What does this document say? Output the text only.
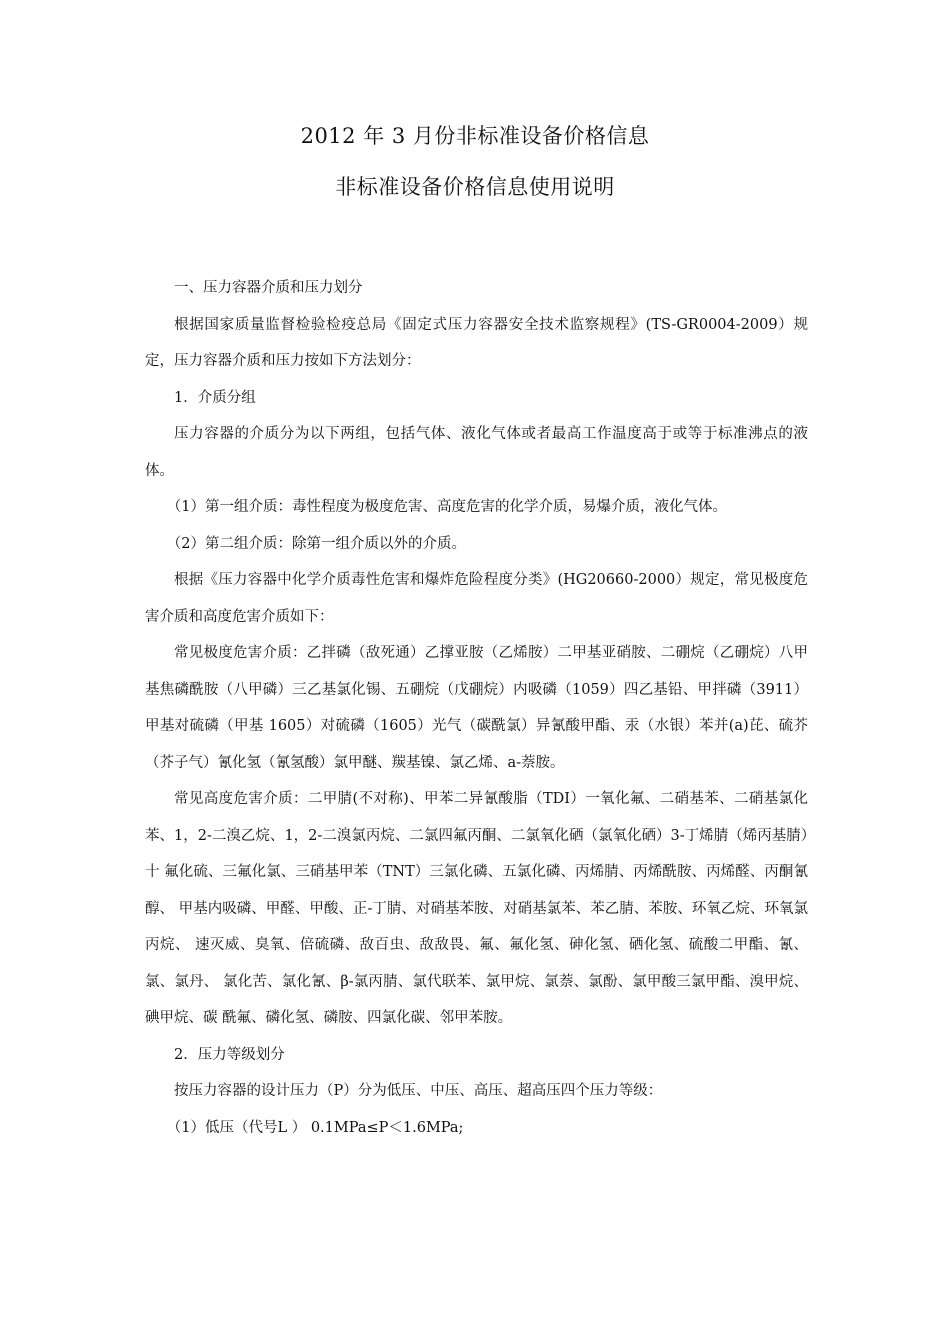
2012 年 3 月份非标准设备价格信息
非标准设备价格信息使用说明

一、压力容器介质和压力划分

根据国家质量监督检验检疫总局《固定式压力容器安全技术监察规程》(TS-GR0004-2009）规定，压力容器介质和压力按如下方法划分：

1．介质分组

压力容器的介质分为以下两组，包括气体、液化气体或者最高工作温度高于或等于标准沸点的液体。

（1）第一组介质：毒性程度为极度危害、高度危害的化学介质，易爆介质，液化气体。

（2）第二组介质：除第一组介质以外的介质。

根据《压力容器中化学介质毒性危害和爆炸危险程度分类》(HG20660-2000）规定，常见极度危害介质和高度危害介质如下：

常见极度危害介质：乙拌磷（敌死通）乙撑亚胺（乙烯胺）二甲基亚硝胺、二硼烷（乙硼烷）八甲基焦磷酰胺（八甲磷）三乙基氯化锡、五硼烷（戊硼烷）内吸磷（1059）四乙基铅、甲拌磷（3911） 甲基对硫磷（甲基 1605）对硫磷（1605）光气（碳酰氯）异氰酸甲酯、汞（水银）苯并(a)芘、硫芥（芥子气）氰化氢（氰氢酸）氯甲醚、羰基镍、氯乙烯、a-萘胺。

常见高度危害介质：二甲腈(不对称)、甲苯二异氰酸脂（TDI）一氧化氟、二硝基苯、二硝基氯化苯、1，2-二溴乙烷、1，2-二溴氯丙烷、二氯四氟丙酮、二氯氧化硒（氯氧化硒）3-丁烯腈（烯丙基腈）十 氟化硫、三氟化氯、三硝基甲苯（TNT）三氯化磷、五氯化磷、丙烯腈、丙烯酰胺、丙烯醛、丙酮氰醇、 甲基内吸磷、甲醛、甲酸、正-丁腈、对硝基苯胺、对硝基氯苯、苯乙腈、苯胺、环氧乙烷、环氧氯丙烷、 速灭威、臭氧、倍硫磷、敌百虫、敌敌畏、氟、氟化氢、砷化氢、硒化氢、硫酸二甲酯、氰、氯、氯丹、 氯化苦、氯化氰、β-氯丙腈、氯代联苯、氯甲烷、氯萘、氯酚、氯甲酸三氯甲酯、溴甲烷、碘甲烷、碳 酰氟、磷化氢、磷胺、四氯化碳、邻甲苯胺。

2．压力等级划分

按压力容器的设计压力（P）分为低压、中压、高压、超高压四个压力等级：

（1）低压（代号L ） 0.1MPa≤P＜1.6MPa;
